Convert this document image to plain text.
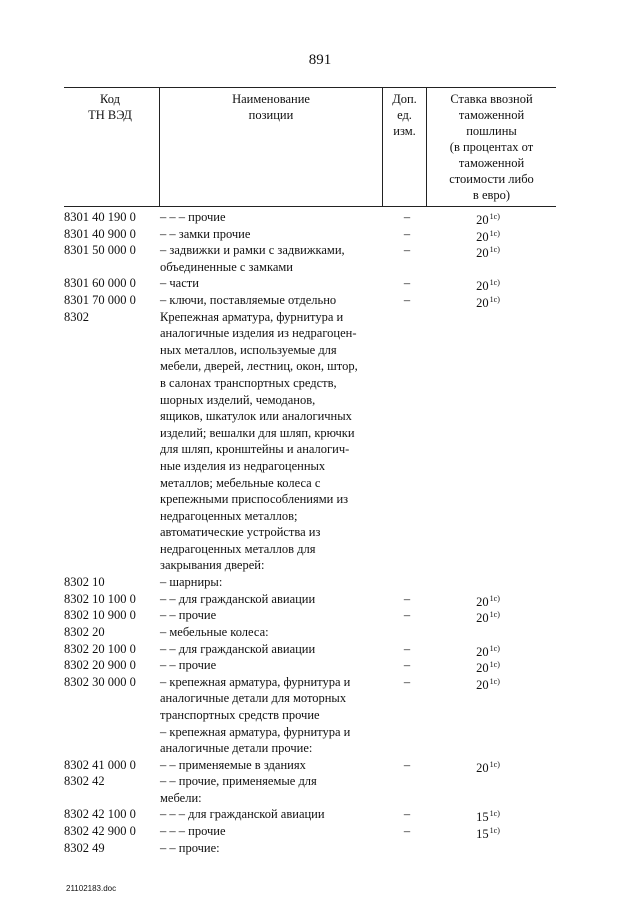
891
Код
ТН ВЭД
Наименование
позиции
Доп.
ед.
изм.
Ставка ввозной
таможенной
пошлины
(в процентах от
таможенной
стоимости либо
в евро)
8301 40 190 0	– – – прочие	–	$20^{1c)}$
8301 40 900 0	– – замки прочие	–	$20^{1c)}$
8301 50 000 0	– задвижки и рамки с задвижками,
объединенные с замками
–	$20^{1c)}$
8301 60 000 0	– части	–	$20^{1c)}$
8301 70 000 0	– ключи, поставляемые отдельно	–	$20^{1c)}$
8302	Крепежная арматура, фурнитура и
аналогичные изделия из недрагоцен-
ных металлов, используемые для
мебели, дверей, лестниц, окон, штор,
в салонах транспортных средств,
шорных изделий, чемоданов,
ящиков, шкатулок или аналогичных
изделий; вешалки для шляп, крючки
для шляп, кронштейны и аналогич-
ные изделия из недрагоценных
металлов; мебельные колеса с
крепежными приспособлениями из
недрагоценных металлов;
автоматические устройства из
недрагоценных металлов для
закрывания дверей:
8302 10	– шарниры:
8302 10 100 0	– – для гражданской авиации	–	$20^{1c)}$
8302 10 900 0	– – прочие	–	$20^{1c)}$
8302 20	– мебельные колеса:
8302 20 100 0	– – для гражданской авиации	–	$20^{1c)}$
8302 20 900 0	– – прочие	–	$20^{1c)}$
8302 30 000 0	– крепежная арматура, фурнитура и
аналогичные детали для моторных
транспортных средств прочие
–	$20^{1c)}$
– крепежная арматура, фурнитура и
аналогичные детали прочие:
8302 41 000 0	– – применяемые в зданиях	–	$20^{1c)}$
8302 42	– – прочие, применяемые для
мебели:
8302 42 100 0	– – – для гражданской авиации	–	$15^{1c)}$
8302 42 900 0	– – – прочие	–	$15^{1c)}$
8302 49	– – прочие:
21102183.doc
